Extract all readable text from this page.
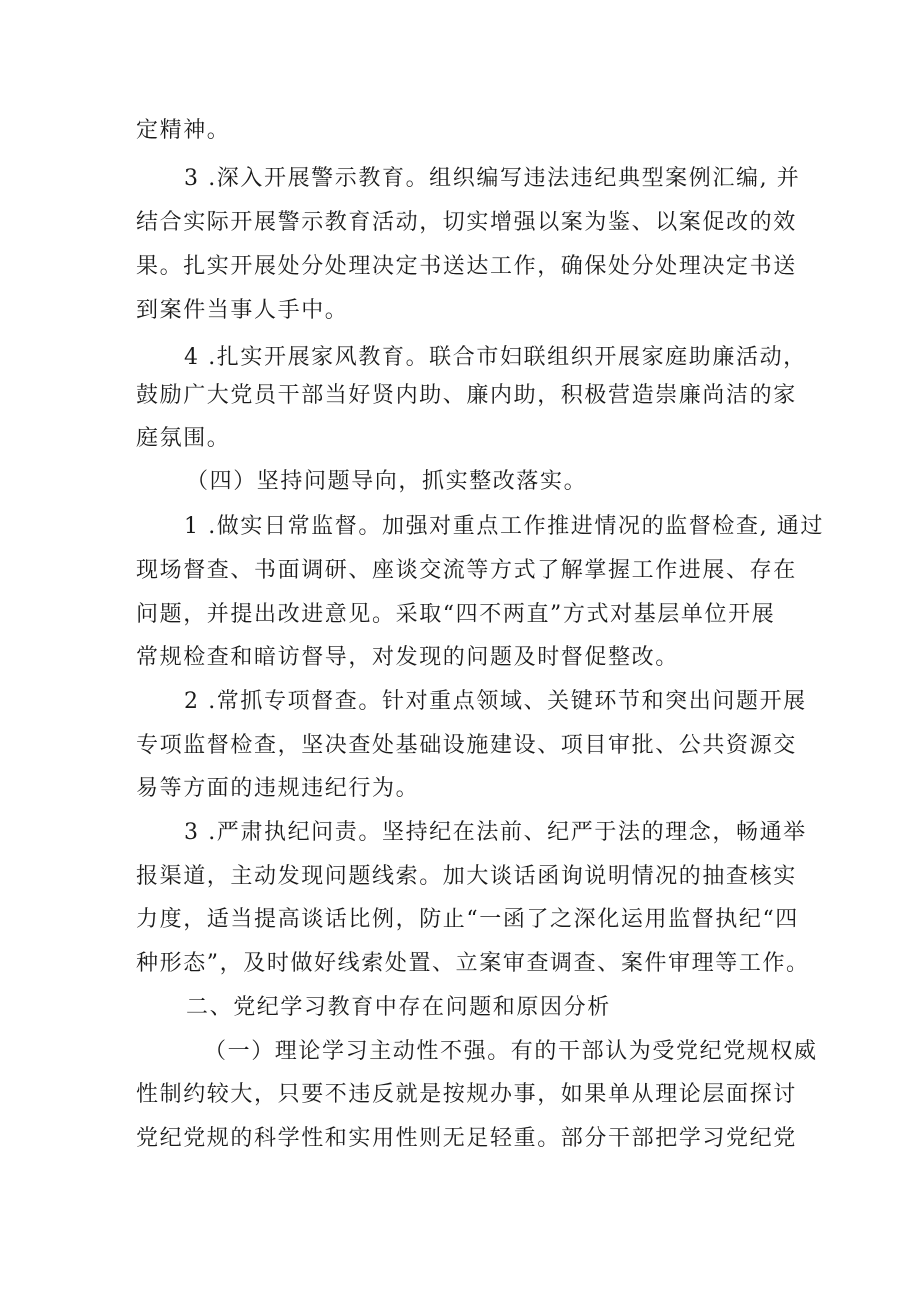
定精神。
3 .深入开展警示教育。组织编写违法违纪典型案例汇编, 并
结合实际开展警示教育活动，切实增强以案为鉴、以案促改的效
果。扎实开展处分处理决定书送达工作，确保处分处理决定书送
到案件当事人手中。
4 .扎实开展家风教育。联合市妇联组织开展家庭助廉活动，
鼓励广大党员干部当好贤内助、廉内助，积极营造崇廉尚洁的家
庭氛围。
（四）坚持问题导向，抓实整改落实。
1 .做实日常监督。加强对重点工作推进情况的监督检查, 通过
现场督查、书面调研、座谈交流等方式了解掌握工作进展、存在
问题，并提出改进意见。采取“四不两直”方式对基层单位开展
常规检查和暗访督导，对发现的问题及时督促整改。
2 .常抓专项督查。针对重点领域、关键环节和突出问题开展
专项监督检查，坚决查处基础设施建设、项目审批、公共资源交
易等方面的违规违纪行为。
3 .严肃执纪问责。坚持纪在法前、纪严于法的理念，畅通举
报渠道，主动发现问题线索。加大谈话函询说明情况的抽查核实
力度，适当提高谈话比例，防止“一函了之深化运用监督执纪“四
种形态”，及时做好线索处置、立案审查调查、案件审理等工作。
二、党纪学习教育中存在问题和原因分析
（一）理论学习主动性不强。有的干部认为受党纪党规权威
性制约较大，只要不违反就是按规办事，如果单从理论层面探讨
党纪党规的科学性和实用性则无足轻重。部分干部把学习党纪党
